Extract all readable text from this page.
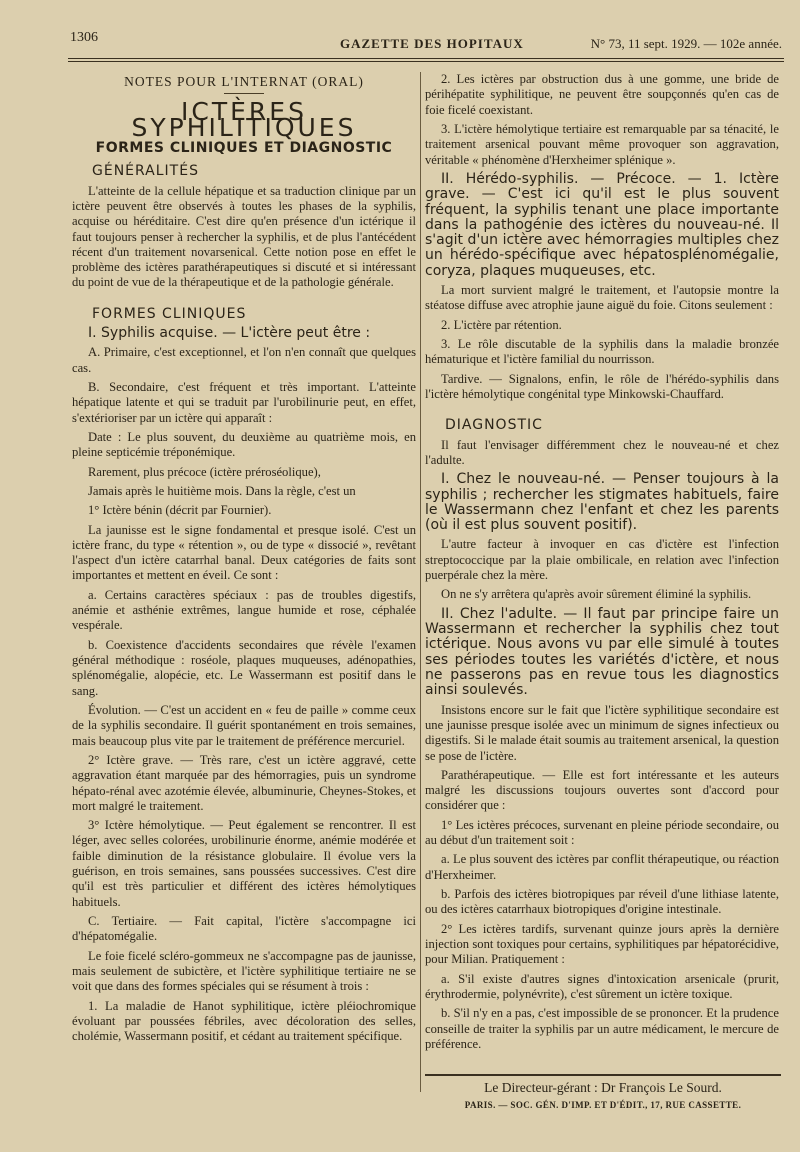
1306	GAZETTE DES HOPITAUX	N° 73, 11 sept. 1929. — 102e année.

NOTES POUR L'INTERNAT (ORAL)

ICTÈRES SYPHILITIQUES

FORMES CLINIQUES ET DIAGNOSTIC

GÉNÉRALITÉS

L'atteinte de la cellule hépatique et sa traduction clinique par un ictère peuvent être observés à toutes les phases de la syphilis, acquise ou héréditaire. C'est dire qu'en présence d'un ictérique il faut toujours penser à rechercher la syphilis, et de plus l'antécédent récent d'un traitement novarsenical. Cette notion pose en effet le problème des ictères parathérapeutiques si discuté et si intéressant du point de vue de la thérapeutique et de la pathologie générale.

FORMES CLINIQUES

I. Syphilis acquise. — L'ictère peut être :

A. Primaire, c'est exceptionnel, et l'on n'en connaît que quelques cas.

B. Secondaire, c'est fréquent et très important. L'atteinte hépatique latente et qui se traduit par l'urobilinurie peut, en effet, s'extérioriser par un ictère qui apparaît :

Date : Le plus souvent, du deuxième au quatrième mois, en pleine septicémie tréponémique.

Rarement, plus précoce (ictère préroséolique),

Jamais après le huitième mois. Dans la règle, c'est un

1° Ictère bénin (décrit par Fournier).

La jaunisse est le signe fondamental et presque isolé. C'est un ictère franc, du type « rétention », ou de type « dissocié », revêtant l'aspect d'un ictère catarrhal banal. Deux catégories de faits sont importantes et mettent en éveil. Ce sont :

a. Certains caractères spéciaux : pas de troubles digestifs, anémie et asthénie extrêmes, langue humide et rose, céphalée vespérale.

b. Coexistence d'accidents secondaires que révèle l'examen général méthodique : roséole, plaques muqueuses, adénopathies, splénomégalie, alopécie, etc. Le Wassermann est positif dans le sang.

Évolution. — C'est un accident en « feu de paille » comme ceux de la syphilis secondaire. Il guérit spontanément en trois semaines, mais beaucoup plus vite par le traitement de préférence mercuriel.

2° Ictère grave. — Très rare, c'est un ictère aggravé, cette aggravation étant marquée par des hémorragies, puis un syndrome hépato-rénal avec azotémie élevée, albuminurie, Cheynes-Stokes, et mort malgré le traitement.

3° Ictère hémolytique. — Peut également se rencontrer. Il est léger, avec selles colorées, urobilinurie énorme, anémie modérée et faible diminution de la résistance globulaire. Il évolue vers la guérison, en trois semaines, sans poussées successives. C'est dire qu'il est très particulier et différent des ictères hémolytiques habituels.

C. Tertiaire. — Fait capital, l'ictère s'accompagne ici d'hépatomégalie.

Le foie ficelé scléro-gommeux ne s'accompagne pas de jaunisse, mais seulement de subictère, et l'ictère syphilitique tertiaire ne se voit que dans des formes spéciales qui se résument à trois :

1. La maladie de Hanot syphilitique, ictère pléiochromique évoluant par poussées fébriles, avec décoloration des selles, cholémie, Wassermann positif, et cédant au traitement spécifique.

2. Les ictères par obstruction dus à une gomme, une bride de périhépatite syphilitique, ne peuvent être soupçonnés qu'en cas de foie ficelé coexistant.

3. L'ictère hémolytique tertiaire est remarquable par sa ténacité, le traitement arsenical pouvant même provoquer son aggravation, véritable « phénomène d'Herxheimer splénique ».

II. Hérédo-syphilis. — Précoce. — 1. Ictère grave. — C'est ici qu'il est le plus souvent fréquent, la syphilis tenant une place importante dans la pathogénie des ictères du nouveau-né. Il s'agit d'un ictère avec hémorragies multiples chez un hérédo-spécifique avec hépatosplénomégalie, coryza, plaques muqueuses, etc.

La mort survient malgré le traitement, et l'autopsie montre la stéatose diffuse avec atrophie jaune aiguë du foie. Citons seulement :

2. L'ictère par rétention.

3. Le rôle discutable de la syphilis dans la maladie bronzée hématurique et l'ictère familial du nourrisson.

Tardive. — Signalons, enfin, le rôle de l'hérédo-syphilis dans l'ictère hémolytique congénital type Minkowski-Chauffard.

DIAGNOSTIC

Il faut l'envisager différemment chez le nouveau-né et chez l'adulte.

I. Chez le nouveau-né. — Penser toujours à la syphilis ; rechercher les stigmates habituels, faire le Wassermann chez l'enfant et chez les parents (où il est plus souvent positif).

L'autre facteur à invoquer en cas d'ictère est l'infection streptococcique par la plaie ombilicale, en relation avec l'infection puerpérale chez la mère.

On ne s'y arrêtera qu'après avoir sûrement éliminé la syphilis.

II. Chez l'adulte. — Il faut par principe faire un Wassermann et rechercher la syphilis chez tout ictérique. Nous avons vu par elle simulé à toutes ses périodes toutes les variétés d'ictère, et nous ne passerons pas en revue tous les diagnostics ainsi soulevés.

Insistons encore sur le fait que l'ictère syphilitique secondaire est une jaunisse presque isolée avec un minimum de signes infectieux ou digestifs. Si le malade était soumis au traitement arsenical, la question se pose de l'ictère.

Parathérapeutique. — Elle est fort intéressante et les auteurs malgré les discussions toujours ouvertes sont d'accord pour considérer que :

1° Les ictères précoces, survenant en pleine période secondaire, ou au début d'un traitement soit :

a. Le plus souvent des ictères par conflit thérapeutique, ou réaction d'Herxheimer.

b. Parfois des ictères biotropiques par réveil d'une lithiase latente, ou des ictères catarrhaux biotropiques d'origine intestinale.

2° Les ictères tardifs, survenant quinze jours après la dernière injection sont toxiques pour certains, syphilitiques par hépatorécidive, pour Milian. Pratiquement :

a. S'il existe d'autres signes d'intoxication arsenicale (prurit, érythrodermie, polynévrite), c'est sûrement un ictère toxique.

b. S'il n'y en a pas, c'est impossible de se prononcer. Et la prudence conseille de traiter la syphilis par un autre médicament, le mercure de préférence.

Le Directeur-gérant : Dr François Le Sourd.
PARIS. — SOC. GÉN. D'IMP. ET D'ÉDIT., 17, RUE CASSETTE.
